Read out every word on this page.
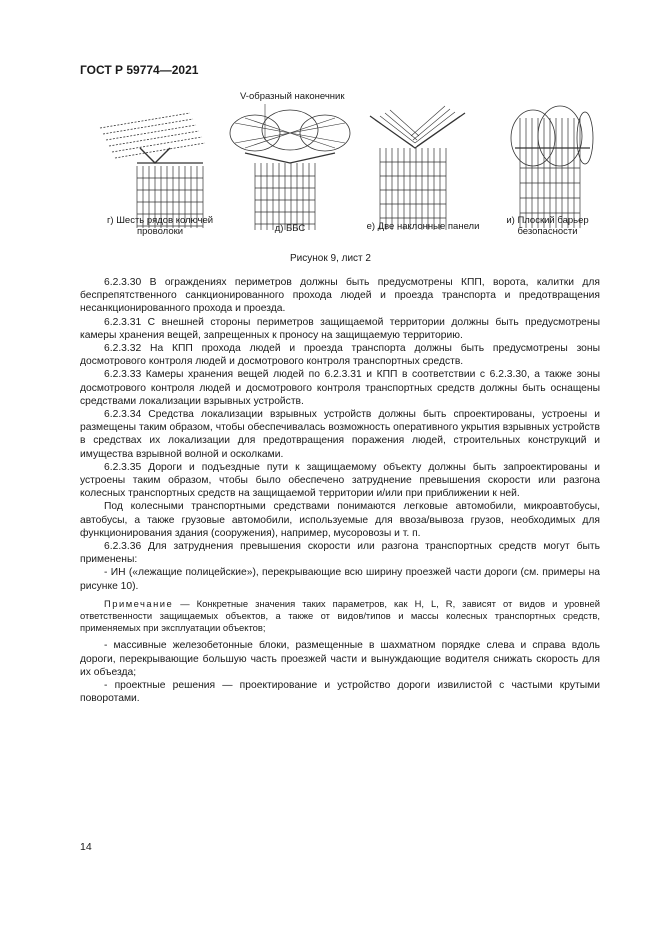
ГОСТ Р 59774—2021
V-образный наконечник
г) Шесть рядов колючей проволоки	д) ББС	е) Две наклонные панели
и) Плоский барьер безопасности
Рисунок 9, лист 2

6.2.3.30 В ограждениях периметров должны быть предусмотрены КПП, ворота, калитки для беспрепятственного санкционированного прохода людей и проезда транспорта и предотвращения несанкционированного прохода и проезда.

6.2.3.31 С внешней стороны периметров защищаемой территории должны быть предусмотрены камеры хранения вещей, запрещенных к проносу на защищаемую территорию.

6.2.3.32 На КПП прохода людей и проезда транспорта должны быть предусмотрены зоны досмотрового контроля людей и досмотрового контроля транспортных средств.

6.2.3.33 Камеры хранения вещей людей по 6.2.3.31 и КПП в соответствии с 6.2.3.30, а также зоны досмотрового контроля людей и досмотрового контроля транспортных средств должны быть оснащены средствами локализации взрывных устройств.

6.2.3.34 Средства локализации взрывных устройств должны быть спроектированы, устроены и размещены таким образом, чтобы обеспечивалась возможность оперативного укрытия взрывных устройств в средствах их локализации для предотвращения поражения людей, строительных конструкций и имущества взрывной волной и осколками.

6.2.3.35 Дороги и подъездные пути к защищаемому объекту должны быть запроектированы и устроены таким образом, чтобы было обеспечено затруднение превышения скорости или разгона колесных транспортных средств на защищаемой территории и/или при приближении к ней.

Под колесными транспортными средствами понимаются легковые автомобили, микроавтобусы, автобусы, а также грузовые автомобили, используемые для ввоза/вывоза грузов, необходимых для функционирования здания (сооружения), например, мусоровозы и т. п.

6.2.3.36 Для затруднения превышения скорости или разгона транспортных средств могут быть применены:

- ИН («лежащие полицейские»), перекрывающие всю ширину проезжей части дороги (см. примеры на рисунке 10).

Примечание — Конкретные значения таких параметров, как H, L, R, зависят от видов и уровней ответственности защищаемых объектов, а также от видов/типов и массы колесных транспортных средств, применяемых при эксплуатации объектов;

- массивные железобетонные блоки, размещенные в шахматном порядке слева и справа вдоль дороги, перекрывающие большую часть проезжей части и вынуждающие водителя снижать скорость для их объезда;

- проектные решения — проектирование и устройство дороги извилистой с частыми крутыми поворотами.

14
